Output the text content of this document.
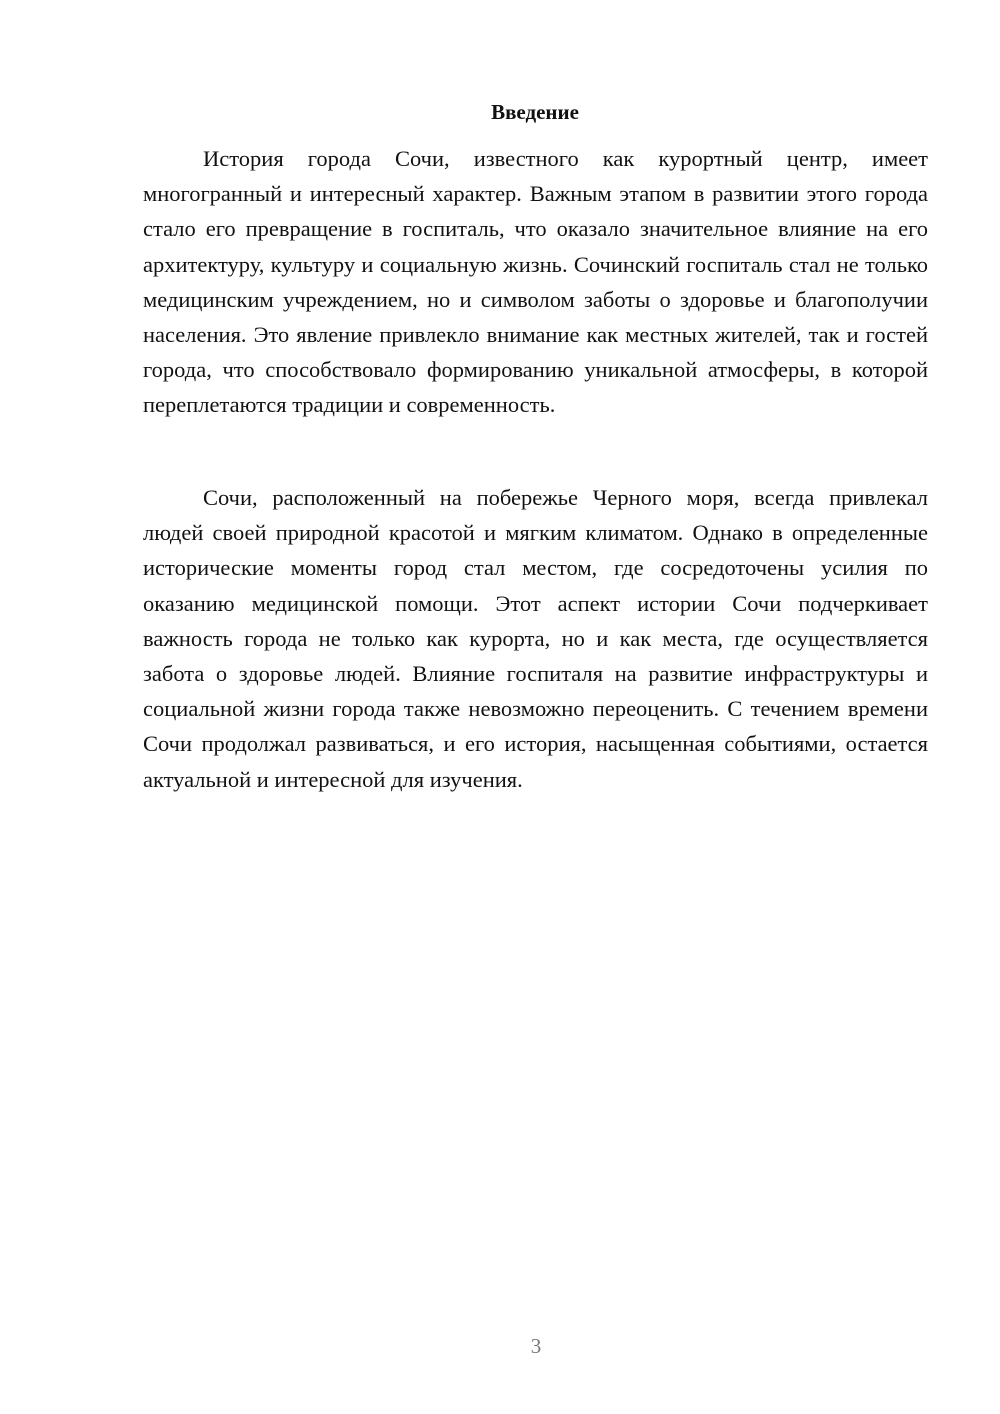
Введение

История города Сочи, известного как курортный центр, имеет многогранный и интересный характер. Важным этапом в развитии этого города стало его превращение в госпиталь, что оказало значительное влияние на его архитектуру, культуру и социальную жизнь. Сочинский госпиталь стал не только медицинским учреждением, но и символом заботы о здоровье и благополучии населения. Это явление привлекло внимание как местных жителей, так и гостей города, что способствовало формированию уникальной атмосферы, в которой переплетаются традиции и современность.

Сочи, расположенный на побережье Черного моря, всегда привлекал людей своей природной красотой и мягким климатом. Однако в определенные исторические моменты город стал местом, где сосредоточены усилия по оказанию медицинской помощи. Этот аспект истории Сочи подчеркивает важность города не только как курорта, но и как места, где осуществляется забота о здоровье людей. Влияние госпиталя на развитие инфраструктуры и социальной жизни города также невозможно переоценить. С течением времени Сочи продолжал развиваться, и его история, насыщенная событиями, остается актуальной и интересной для изучения.

3
